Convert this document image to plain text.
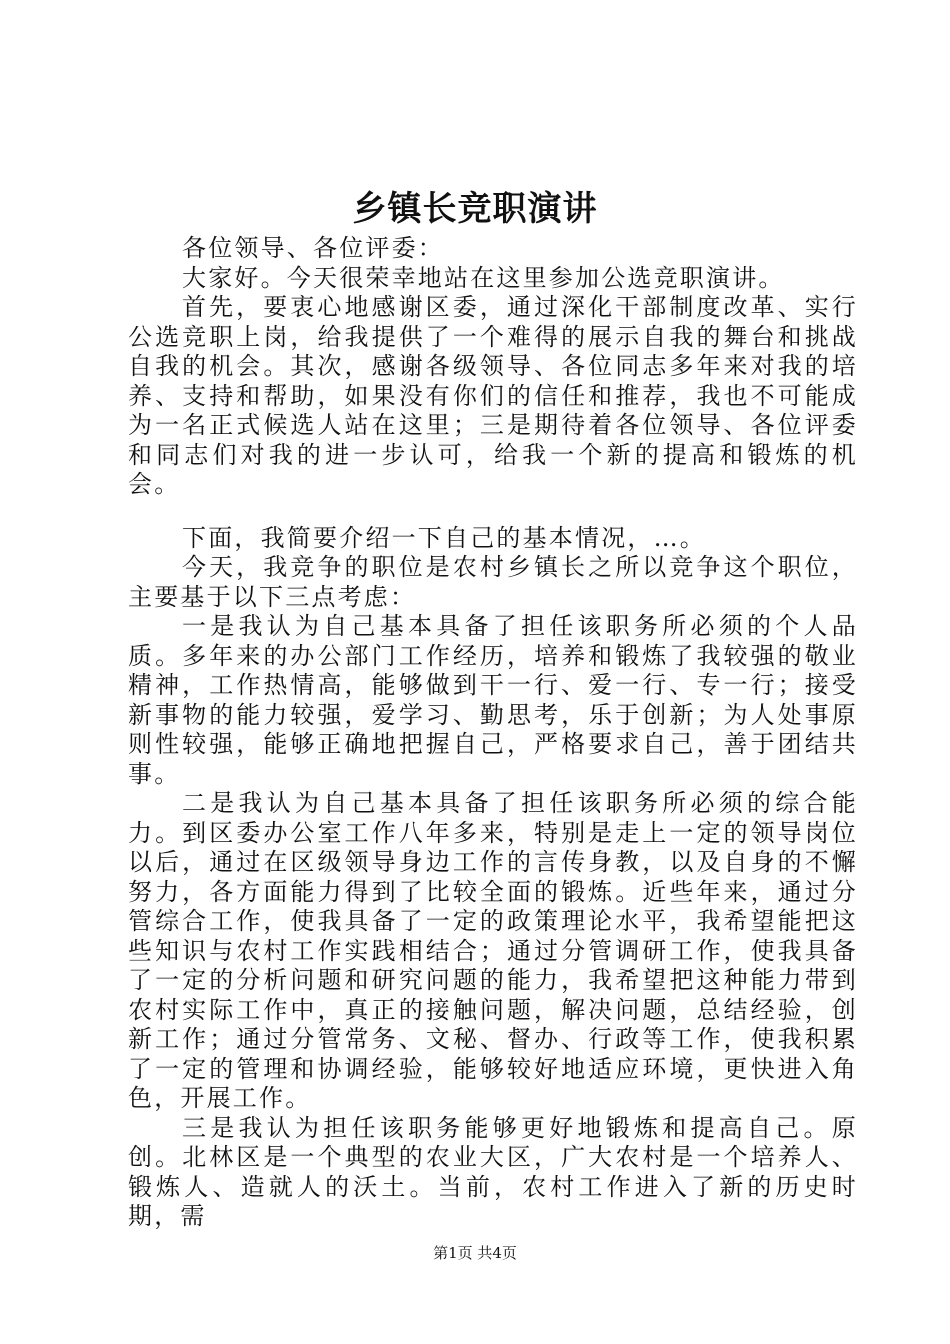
乡镇长竞职演讲

各位领导、各位评委：

大家好。今天很荣幸地站在这里参加公选竞职演讲。

首先，要衷心地感谢区委，通过深化干部制度改革、实行公选竞职上岗，给我提供了一个难得的展示自我的舞台和挑战自我的机会。其次，感谢各级领导、各位同志多年来对我的培养、支持和帮助，如果没有你们的信任和推荐，我也不可能成为一名正式候选人站在这里；三是期待着各位领导、各位评委和同志们对我的进一步认可，给我一个新的提高和锻炼的机会。

下面，我简要介绍一下自己的基本情况，…。

今天，我竞争的职位是农村乡镇长之所以竞争这个职位，主要基于以下三点考虑：

一是我认为自己基本具备了担任该职务所必须的个人品质。多年来的办公部门工作经历，培养和锻炼了我较强的敬业精神，工作热情高，能够做到干一行、爱一行、专一行；接受新事物的能力较强，爱学习、勤思考，乐于创新；为人处事原则性较强，能够正确地把握自己，严格要求自己，善于团结共事。

二是我认为自己基本具备了担任该职务所必须的综合能力。到区委办公室工作八年多来，特别是走上一定的领导岗位以后，通过在区级领导身边工作的言传身教，以及自身的不懈努力，各方面能力得到了比较全面的锻炼。近些年来，通过分管综合工作，使我具备了一定的政策理论水平，我希望能把这些知识与农村工作实践相结合；通过分管调研工作，使我具备了一定的分析问题和研究问题的能力，我希望把这种能力带到农村实际工作中，真正的接触问题，解决问题，总结经验，创新工作；通过分管常务、文秘、督办、行政等工作，使我积累了一定的管理和协调经验，能够较好地适应环境，更快进入角色，开展工作。

三是我认为担任该职务能够更好地锻炼和提高自己。原创。北林区是一个典型的农业大区，广大农村是一个培养人、锻炼人、造就人的沃土。当前，农村工作进入了新的历史时期，需

第1页 共4页
